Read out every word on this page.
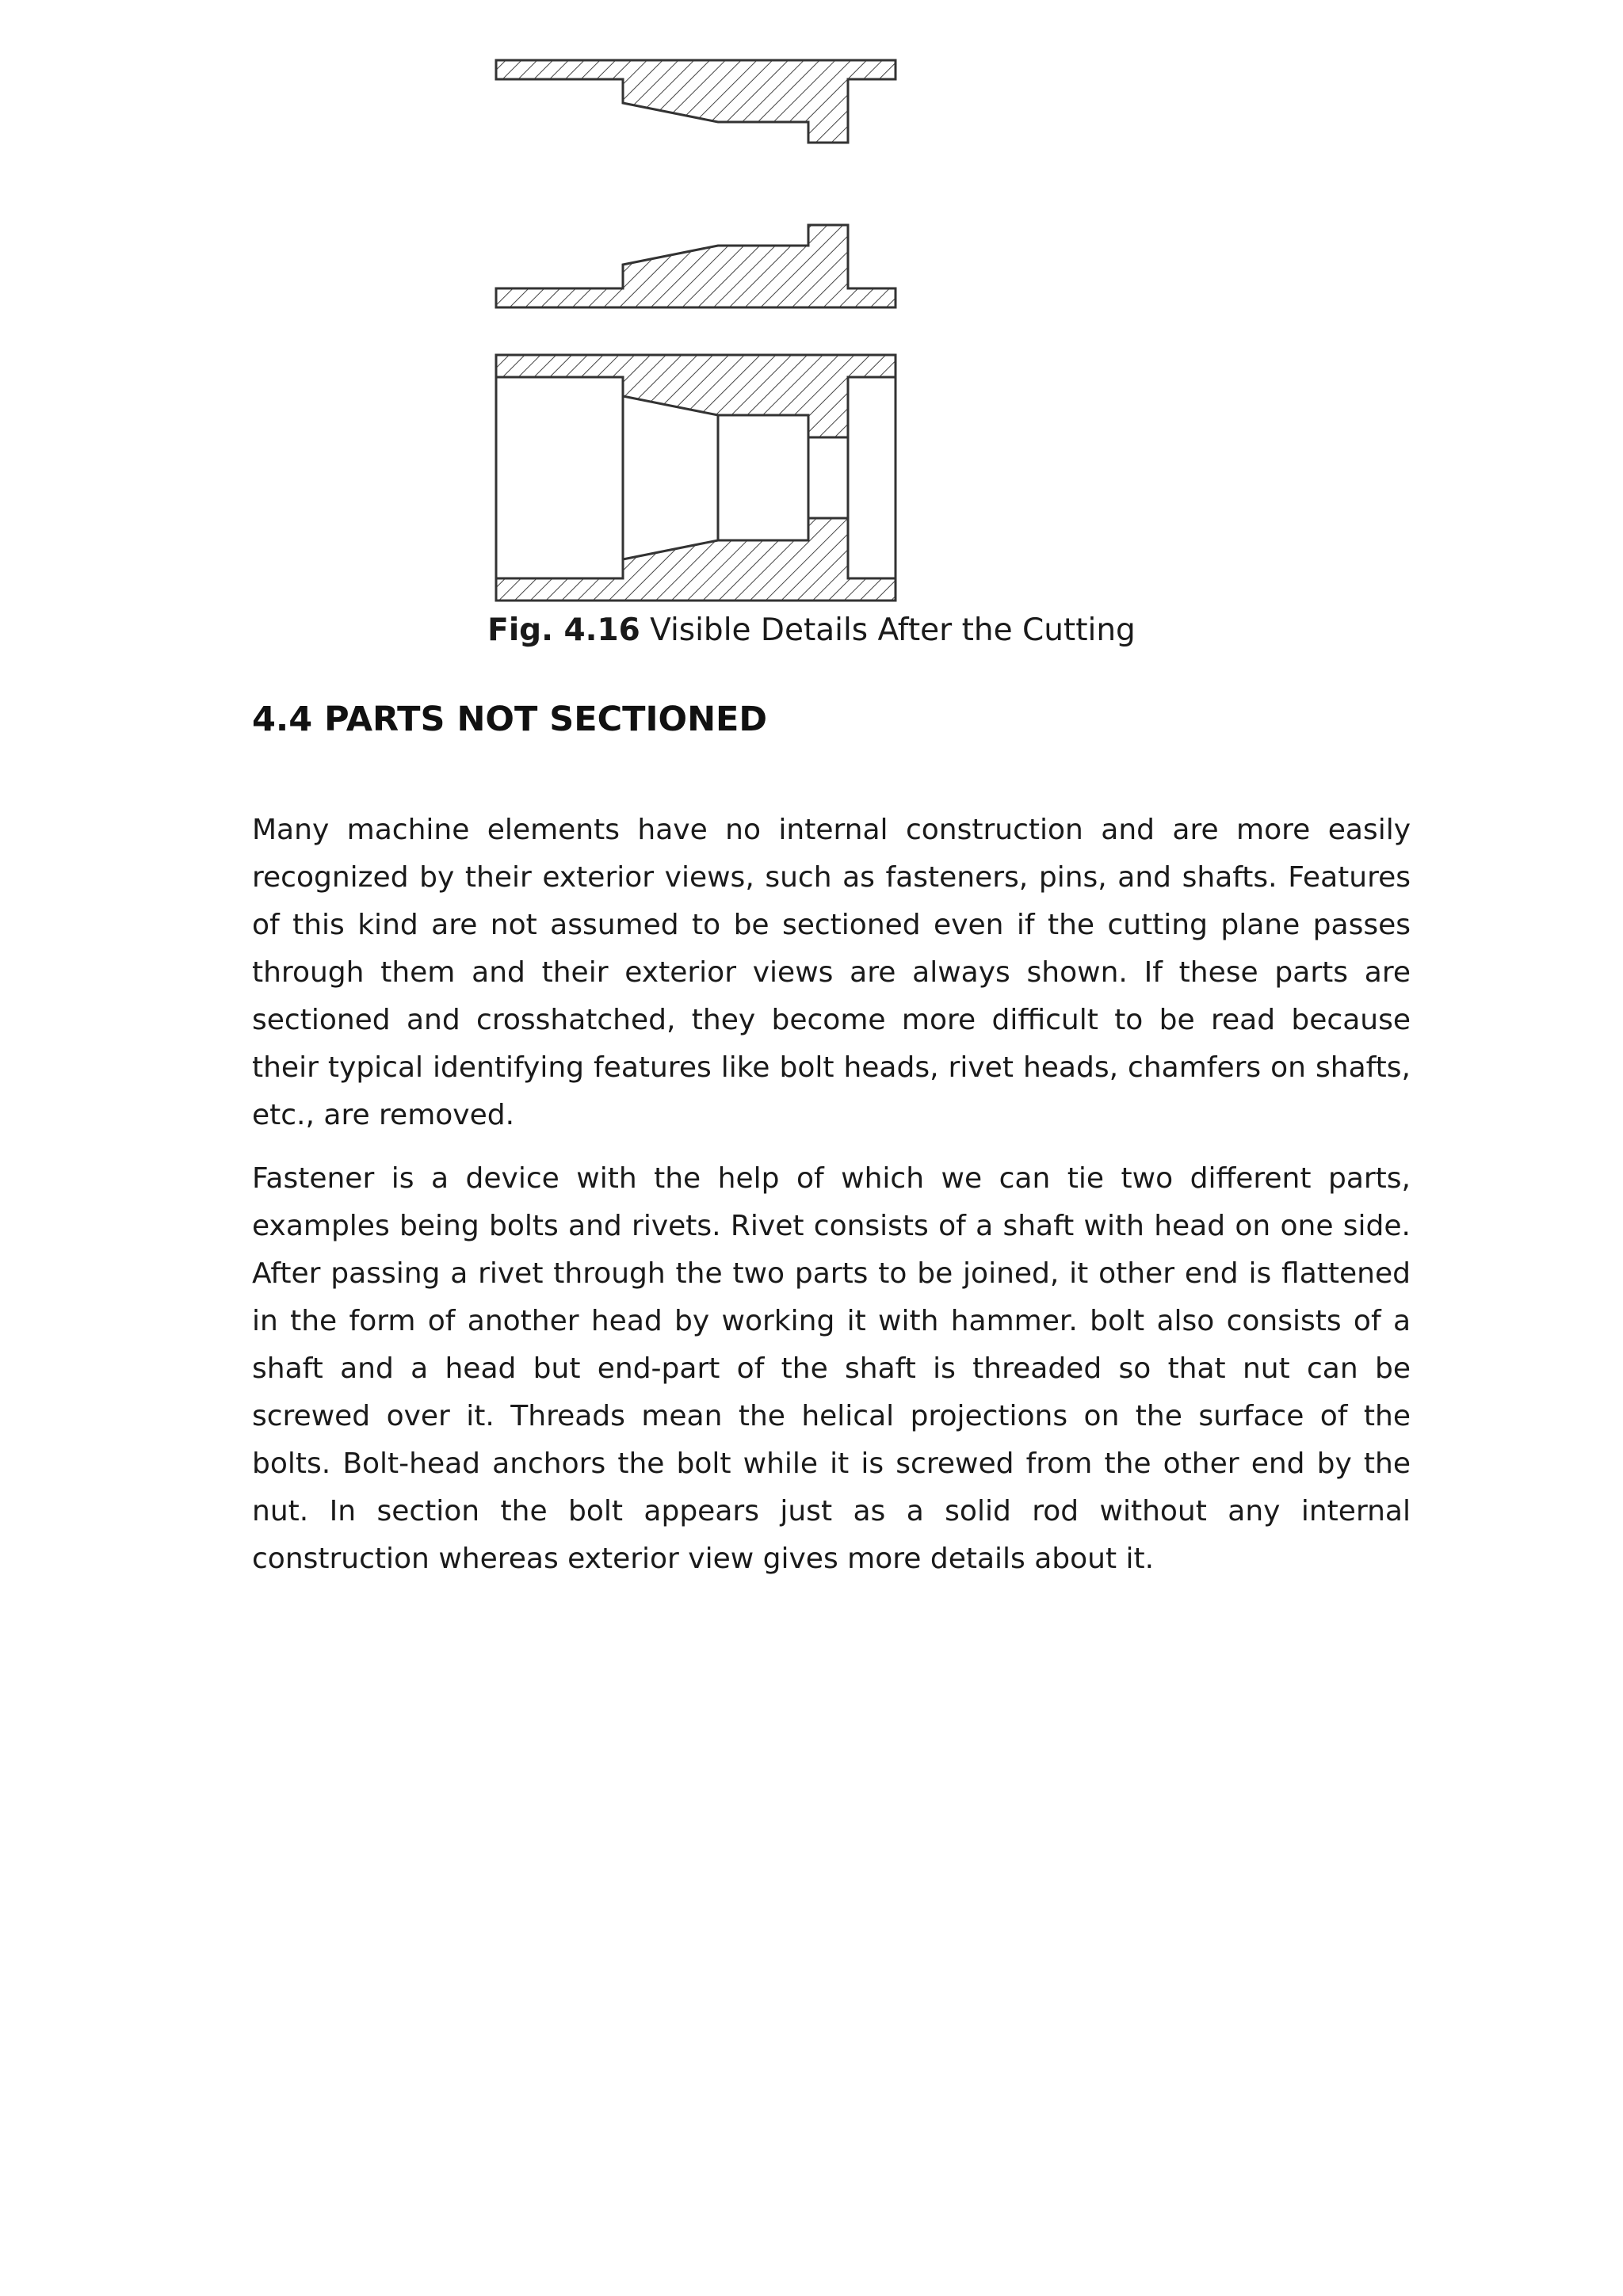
Fig. 4.16 Visible Details After the Cutting
4.4 PARTS NOT SECTIONED

Many machine elements have no internal construction and are more easily recognized by their exterior views, such as fasteners, pins, and shafts. Features of this kind are not assumed to be sectioned even if the cutting plane passes through them and their exterior views are always shown. If these parts are sectioned and crosshatched, they become more difficult to be read because their typical identifying features like bolt heads, rivet heads, chamfers on shafts, etc., are removed.

Fastener is a device with the help of which we can tie two different parts, examples being bolts and rivets. Rivet consists of a shaft with head on one side. After passing a rivet through the two parts to be joined, it other end is flattened in the form of another head by working it with hammer. bolt also consists of a shaft and a head but end-part of the shaft is threaded so that nut can be screwed over it. Threads mean the helical projections on the surface of the bolts. Bolt-head anchors the bolt while it is screwed from the other end by the nut. In section the bolt appears just as a solid rod without any internal construction whereas exterior view gives more details about it.
